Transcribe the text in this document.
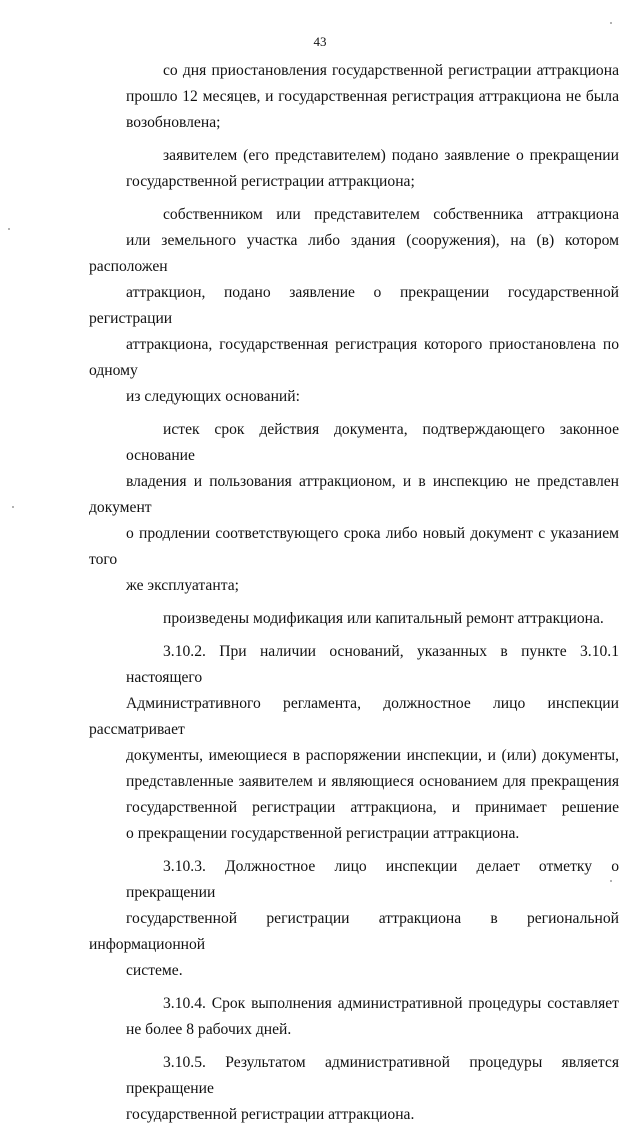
43
со дня приостановления государственной регистрации аттракциона
прошло 12 месяцев, и государственная регистрация аттракциона не была
возобновлена;
заявителем (его представителем) подано заявление о прекращении
государственной регистрации аттракциона;
собственником или представителем собственника аттракциона
или земельного участка либо здания (сооружения), на (в) котором расположен
аттракцион, подано заявление о прекращении государственной регистрации
аттракциона, государственная регистрация которого приостановлена по одному
из следующих оснований:
истек срок действия документа, подтверждающего законное основание
владения и пользования аттракционом, и в инспекцию не представлен документ
о продлении соответствующего срока либо новый документ с указанием того
же эксплуатанта;
произведены модификация или капитальный ремонт аттракциона.
3.10.2. При наличии оснований, указанных в пункте 3.10.1 настоящего
Административного регламента, должностное лицо инспекции рассматривает
документы, имеющиеся в распоряжении инспекции, и (или) документы,
представленные заявителем и являющиеся основанием для прекращения
государственной регистрации аттракциона, и принимает решение
о прекращении государственной регистрации аттракциона.
3.10.3. Должностное лицо инспекции делает отметку о прекращении
государственной регистрации аттракциона в региональной информационной
системе.
3.10.4. Срок выполнения административной процедуры составляет
не более 8 рабочих дней.
3.10.5. Результатом административной процедуры является прекращение
государственной регистрации аттракциона.
